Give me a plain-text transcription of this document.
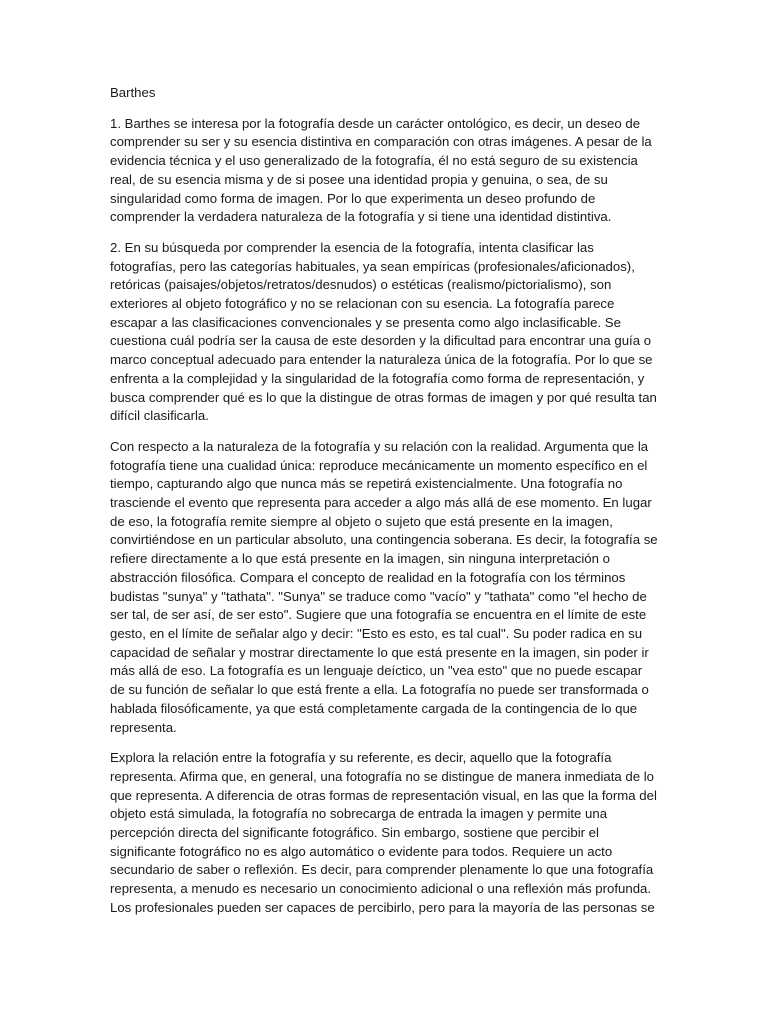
Barthes

1. Barthes se interesa por la fotografía desde un carácter ontológico, es decir, un deseo de comprender su ser y su esencia distintiva en comparación con otras imágenes. A pesar de la evidencia técnica y el uso generalizado de la fotografía, él no está seguro de su existencia real, de su esencia misma y de si posee una identidad propia y genuina, o sea, de su singularidad como forma de imagen. Por lo que experimenta un deseo profundo de comprender la verdadera naturaleza de la fotografía y si tiene una identidad distintiva.

2. En su búsqueda por comprender la esencia de la fotografía, intenta clasificar las fotografías, pero las categorías habituales, ya sean empíricas (profesionales/aficionados), retóricas (paisajes/objetos/retratos/desnudos) o estéticas (realismo/pictorialismo), son exteriores al objeto fotográfico y no se relacionan con su esencia. La fotografía parece escapar a las clasificaciones convencionales y se presenta como algo inclasificable. Se cuestiona cuál podría ser la causa de este desorden y la dificultad para encontrar una guía o marco conceptual adecuado para entender la naturaleza única de la fotografía. Por lo que se enfrenta a la complejidad y la singularidad de la fotografía como forma de representación, y busca comprender qué es lo que la distingue de otras formas de imagen y por qué resulta tan difícil clasificarla.

Con respecto a la naturaleza de la fotografía y su relación con la realidad. Argumenta que la fotografía tiene una cualidad única: reproduce mecánicamente un momento específico en el tiempo, capturando algo que nunca más se repetirá existencialmente. Una fotografía no trasciende el evento que representa para acceder a algo más allá de ese momento. En lugar de eso, la fotografía remite siempre al objeto o sujeto que está presente en la imagen, convirtiéndose en un particular absoluto, una contingencia soberana. Es decir, la fotografía se refiere directamente a lo que está presente en la imagen, sin ninguna interpretación o abstracción filosófica. Compara el concepto de realidad en la fotografía con los términos budistas "sunya" y "tathata". "Sunya" se traduce como "vacío" y "tathata" como "el hecho de ser tal, de ser así, de ser esto". Sugiere que una fotografía se encuentra en el límite de este gesto, en el límite de señalar algo y decir: "Esto es esto, es tal cual". Su poder radica en su capacidad de señalar y mostrar directamente lo que está presente en la imagen, sin poder ir más allá de eso. La fotografía es un lenguaje deíctico, un "vea esto" que no puede escapar de su función de señalar lo que está frente a ella. La fotografía no puede ser transformada o hablada filosóficamente, ya que está completamente cargada de la contingencia de lo que representa.

Explora la relación entre la fotografía y su referente, es decir, aquello que la fotografía representa. Afirma que, en general, una fotografía no se distingue de manera inmediata de lo que representa. A diferencia de otras formas de representación visual, en las que la forma del objeto está simulada, la fotografía no sobrecarga de entrada la imagen y permite una percepción directa del significante fotográfico. Sin embargo, sostiene que percibir el significante fotográfico no es algo automático o evidente para todos. Requiere un acto secundario de saber o reflexión. Es decir, para comprender plenamente lo que una fotografía representa, a menudo es necesario un conocimiento adicional o una reflexión más profunda. Los profesionales pueden ser capaces de percibirlo, pero para la mayoría de las personas se
